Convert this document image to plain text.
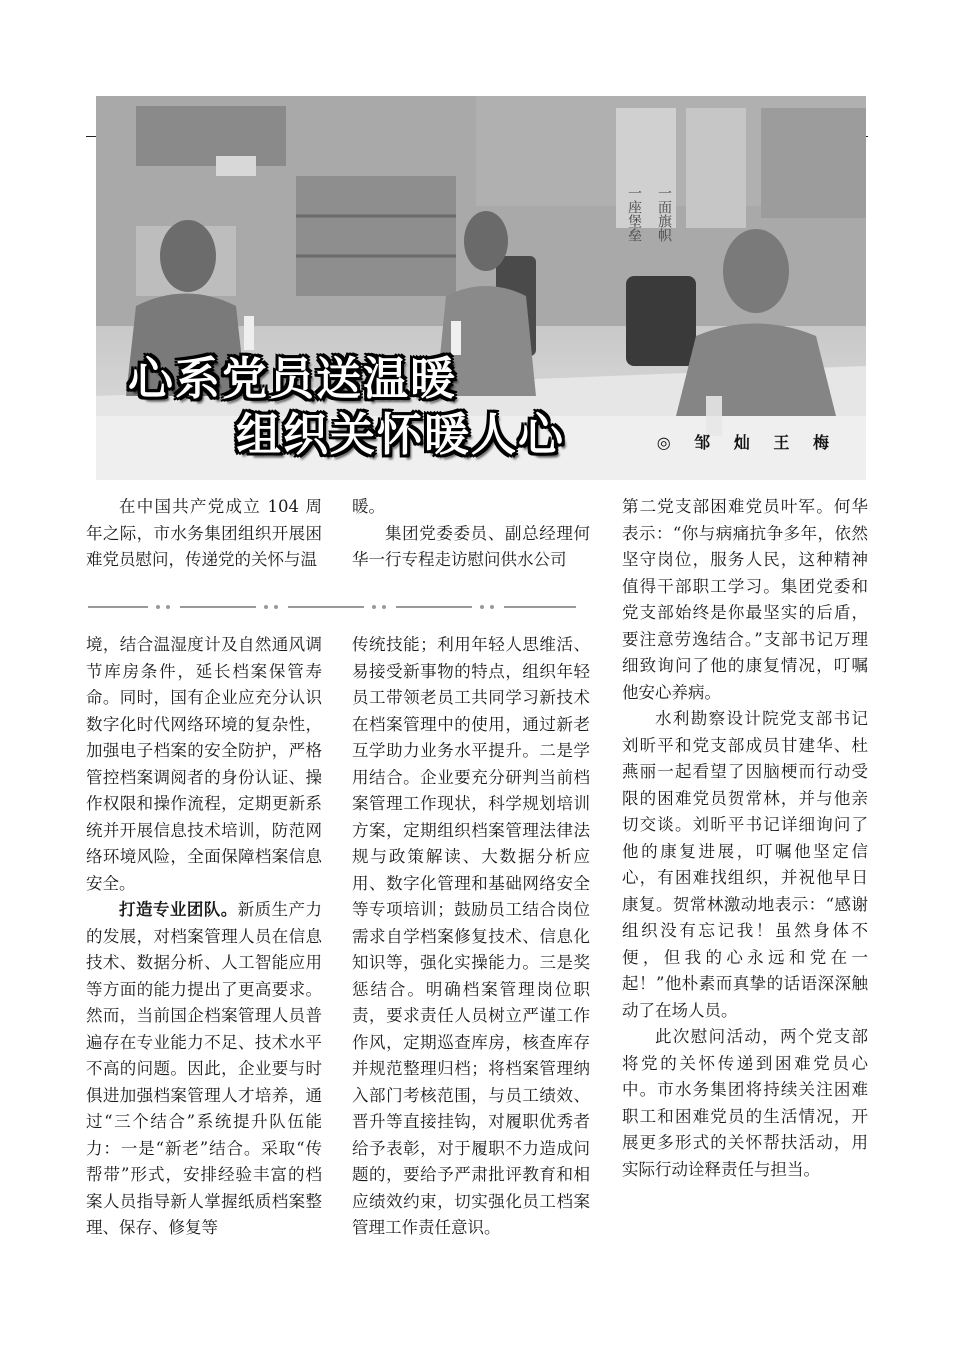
一面旗帜
一座堡垒
心系党员送温暖
组织关怀暖人心	◎ 邹 灿 王 梅

在中国共产党成立 104 周年之际，市水务集团组织开展困难党员慰问，传递党的关怀与温

暖。

集团党委委员、副总经理何华一行专程走访慰问供水公司

境，结合温湿度计及自然通风调节库房条件，延长档案保管寿命。同时，国有企业应充分认识数字化时代网络环境的复杂性，加强电子档案的安全防护，严格管控档案调阅者的身份认证、操作权限和操作流程，定期更新系统并开展信息技术培训，防范网络环境风险，全面保障档案信息安全。

打造专业团队。新质生产力的发展，对档案管理人员在信息技术、数据分析、人工智能应用等方面的能力提出了更高要求。然而，当前国企档案管理人员普遍存在专业能力不足、技术水平不高的问题。因此，企业要与时俱进加强档案管理人才培养，通过“三个结合”系统提升队伍能力：一是“新老”结合。采取“传帮带”形式，安排经验丰富的档案人员指导新人掌握纸质档案整理、保存、修复等

传统技能；利用年轻人思维活、易接受新事物的特点，组织年轻员工带领老员工共同学习新技术在档案管理中的使用，通过新老互学助力业务水平提升。二是学用结合。企业要充分研判当前档案管理工作现状，科学规划培训方案，定期组织档案管理法律法规与政策解读、大数据分析应用、数字化管理和基础网络安全等专项培训；鼓励员工结合岗位需求自学档案修复技术、信息化知识等，强化实操能力。三是奖惩结合。明确档案管理岗位职责，要求责任人员树立严谨工作作风，定期巡查库房，核查库存并规范整理归档；将档案管理纳入部门考核范围，与员工绩效、晋升等直接挂钩，对履职优秀者给予表彰，对于履职不力造成问题的，要给予严肃批评教育和相应绩效约束，切实强化员工档案管理工作责任意识。

第二党支部困难党员叶军。何华表示：“你与病痛抗争多年，依然坚守岗位，服务人民，这种精神值得干部职工学习。集团党委和党支部始终是你最坚实的后盾，要注意劳逸结合。”支部书记万理细致询问了他的康复情况，叮嘱他安心养病。

水利勘察设计院党支部书记刘昕平和党支部成员甘建华、杜燕丽一起看望了因脑梗而行动受限的困难党员贺常林，并与他亲切交谈。刘昕平书记详细询问了他的康复进展，叮嘱他坚定信心，有困难找组织，并祝他早日康复。贺常林激动地表示：“感谢组织没有忘记我！虽然身体不便，但我的心永远和党在一起！”他朴素而真挚的话语深深触动了在场人员。

此次慰问活动，两个党支部将党的关怀传递到困难党员心中。市水务集团将持续关注困难职工和困难党员的生活情况，开展更多形式的关怀帮扶活动，用实际行动诠释责任与担当。
